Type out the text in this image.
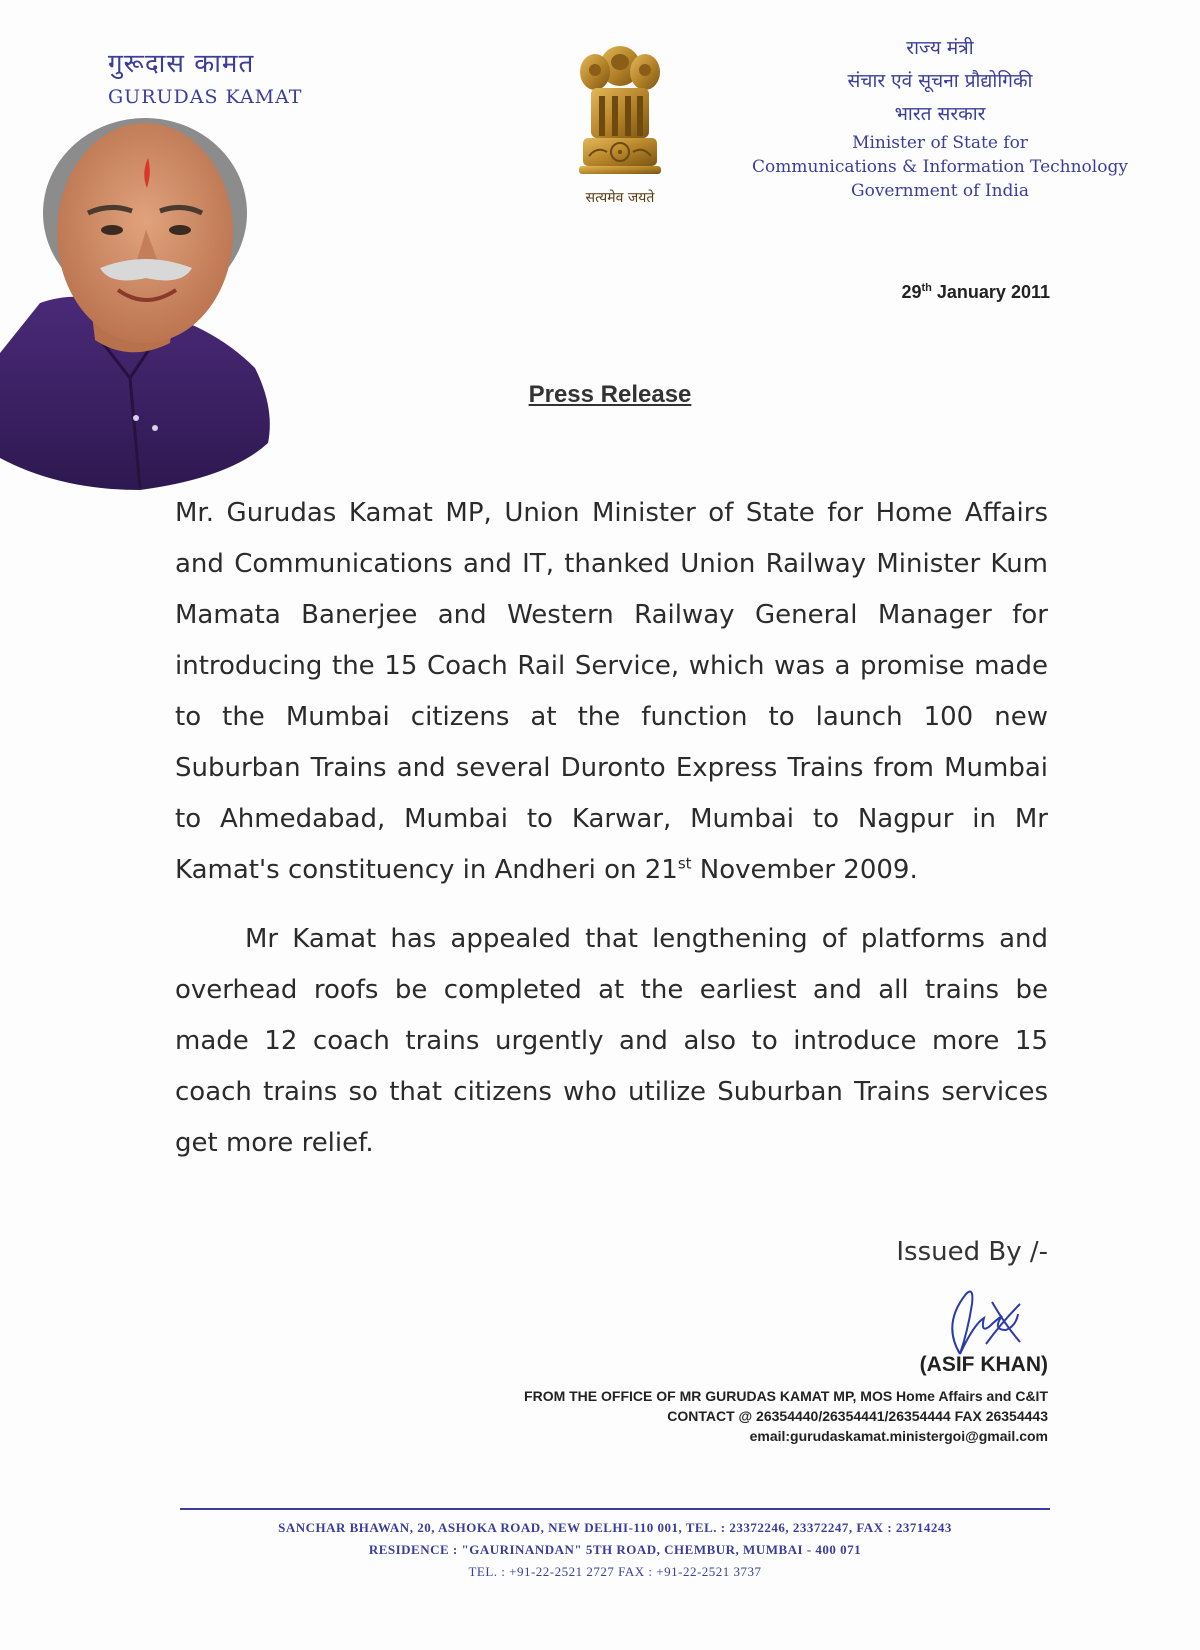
गुरूदास कामत
GURUDAS KAMAT
सत्यमेव जयते
राज्य मंत्री
संचार एवं सूचना प्रौद्योगिकी
भारत सरकार
Minister of State for
Communications & Information Technology
Government of India
29th January 2011
Press Release

Mr. Gurudas Kamat MP, Union Minister of State for Home Affairs and Communications and IT, thanked Union Railway Minister Kum Mamata Banerjee and Western Railway General Manager for introducing the 15 Coach Rail Service, which was a promise made to the Mumbai citizens at the function to launch 100 new Suburban Trains and several Duronto Express Trains from Mumbai to Ahmedabad, Mumbai to Karwar, Mumbai to Nagpur in Mr Kamat's constituency in Andheri on 21st November 2009.

Mr Kamat has appealed that lengthening of platforms and overhead roofs be completed at the earliest and all trains be made 12 coach trains urgently and also to introduce more 15 coach trains so that citizens who utilize Suburban Trains services get more relief.

Issued By /-
(ASIF KHAN)
FROM THE OFFICE OF MR GURUDAS KAMAT MP, MOS Home Affairs and C&IT
CONTACT @ 26354440/26354441/26354444 FAX 26354443
email:gurudaskamat.ministergoi@gmail.com
SANCHAR BHAWAN, 20, ASHOKA ROAD, NEW DELHI-110 001, TEL. : 23372246, 23372247, FAX : 23714243
RESIDENCE : "GAURINANDAN" 5TH ROAD, CHEMBUR, MUMBAI - 400 071
TEL. : +91-22-2521 2727 FAX : +91-22-2521 3737
